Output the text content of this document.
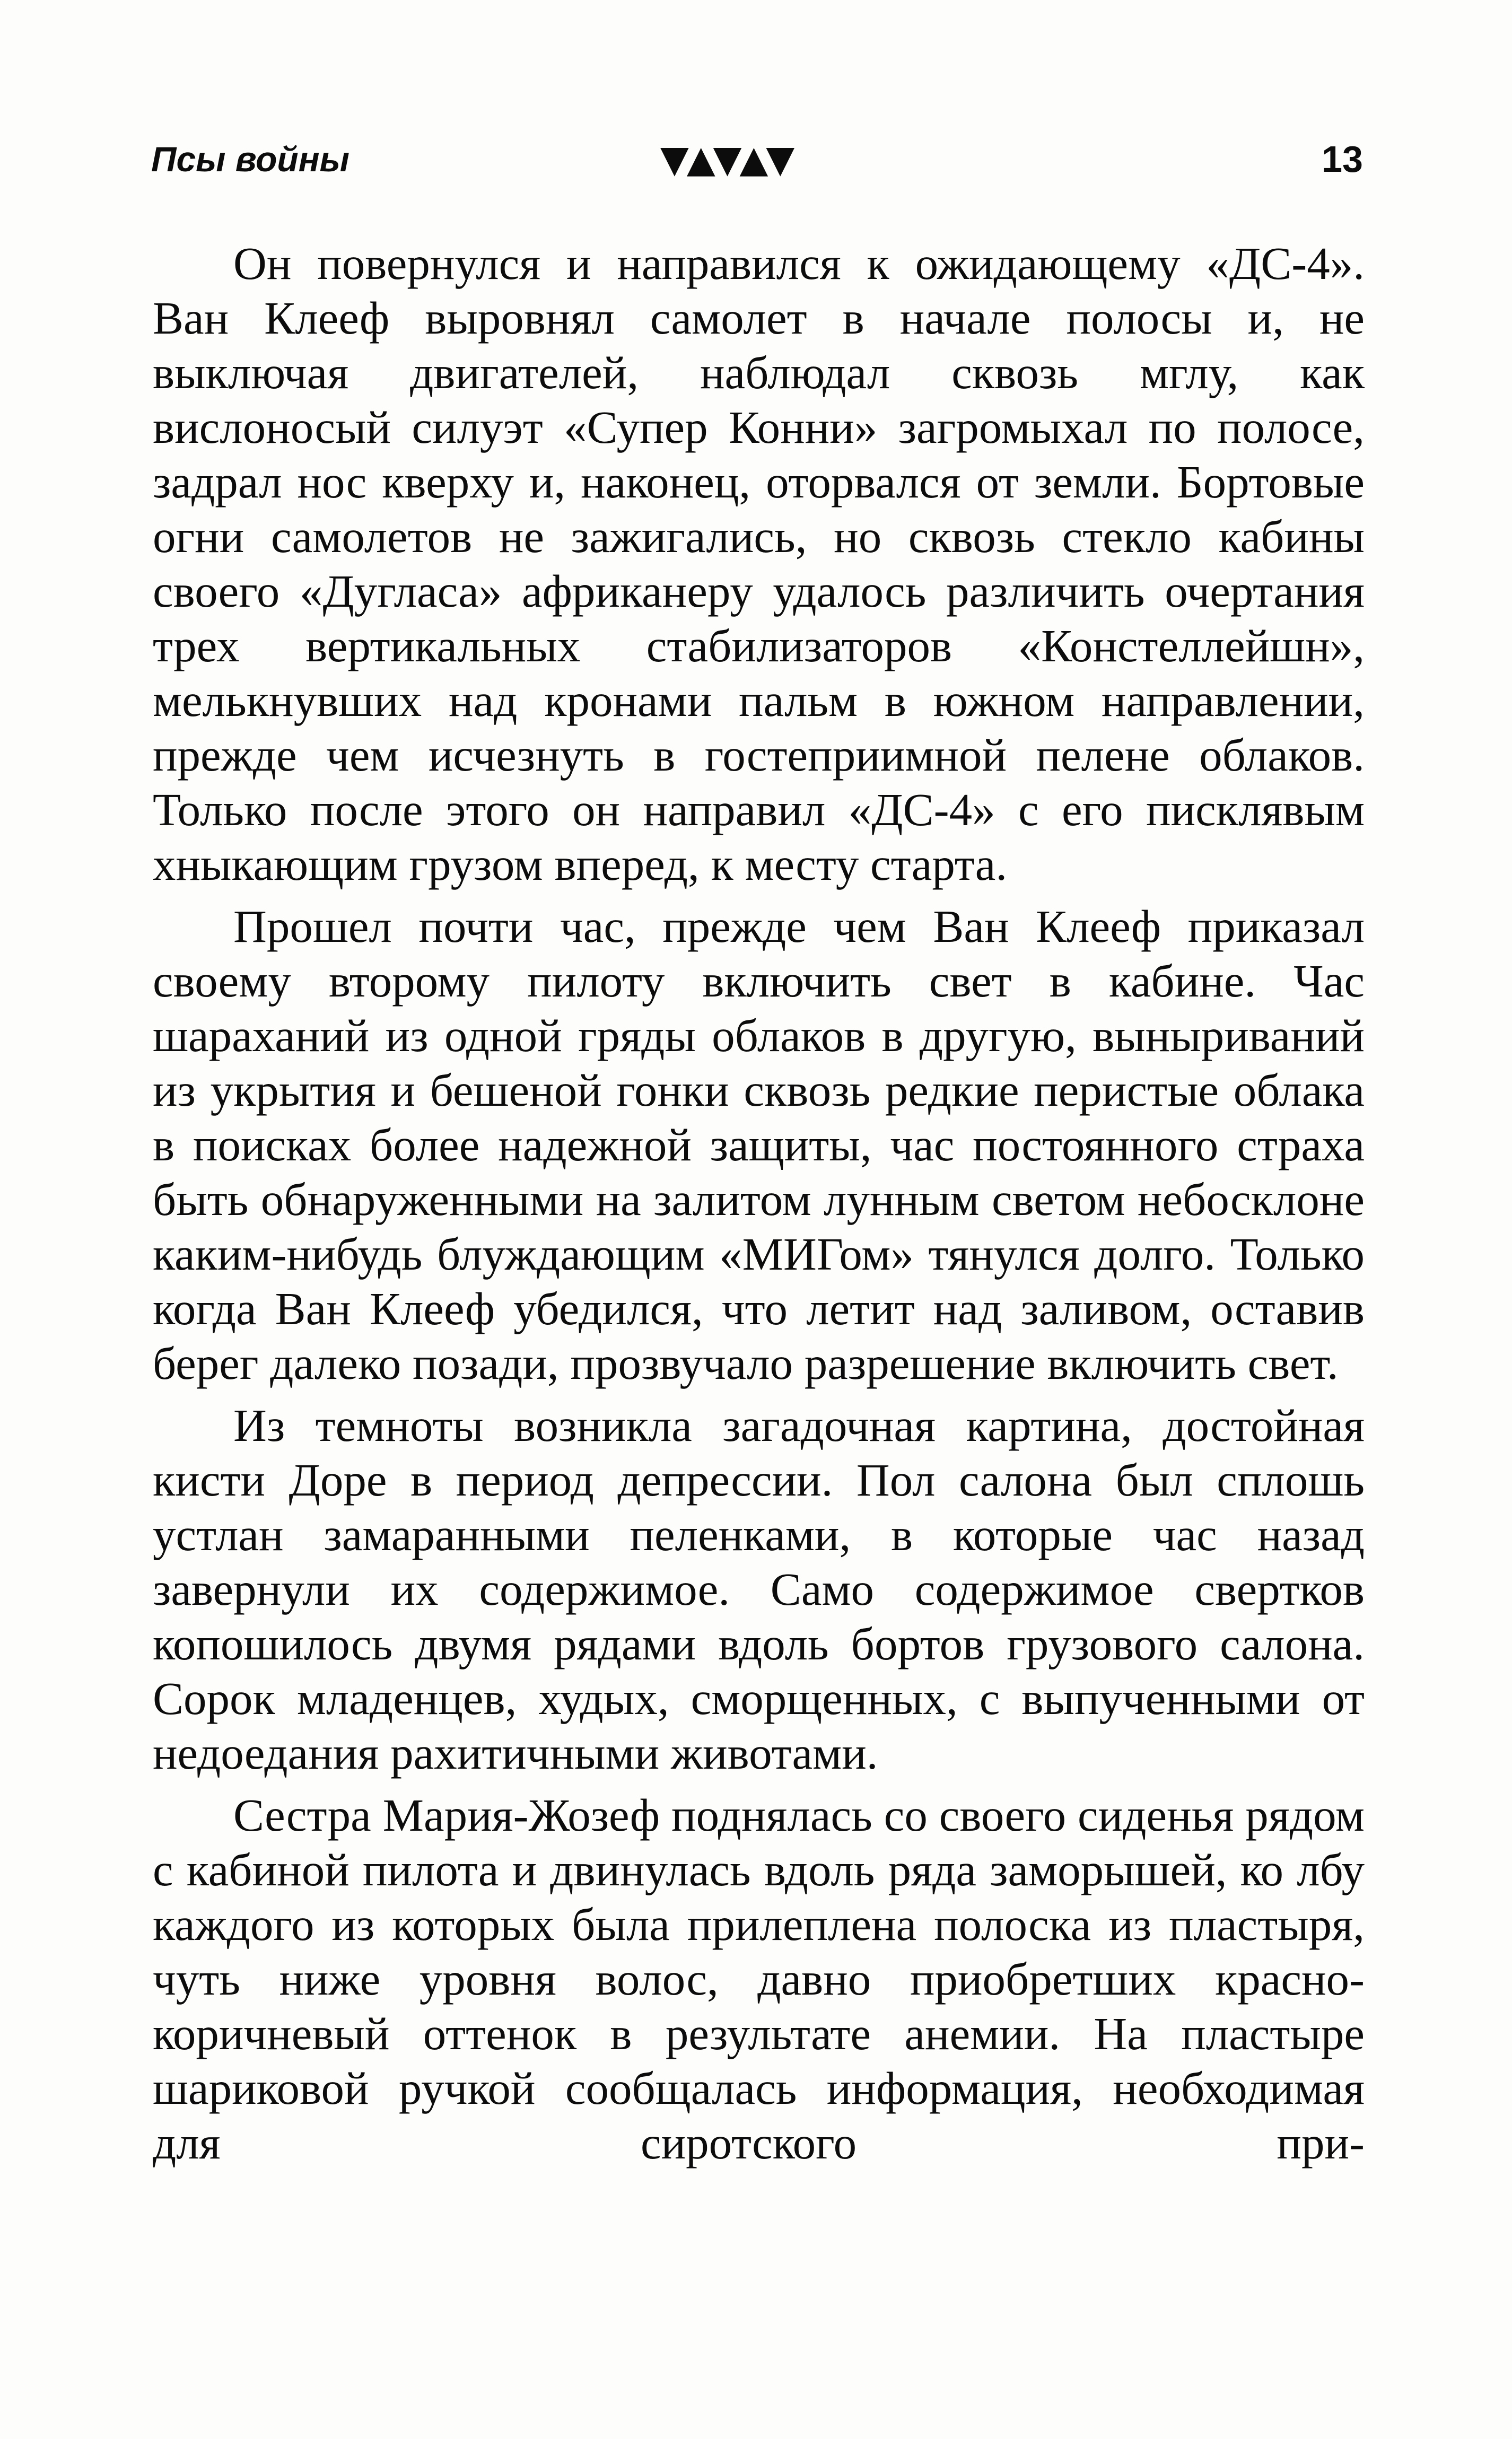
Псы войны	▼▲▼▲▼	13

Он повернулся и направился к ожидающему «ДС-4». Ван Клееф выровнял самолет в начале полосы и, не выключая двигателей, наблюдал сквозь мглу, как вислоносый силуэт «Супер Конни» загромыхал по полосе, задрал нос кверху и, наконец, оторвался от земли. Бортовые огни самолетов не зажигались, но сквозь стекло кабины своего «Дугласа» африканеру удалось различить очертания трех вертикальных стабилизаторов «Констеллейшн», мелькнувших над кронами пальм в южном направлении, прежде чем исчезнуть в гостеприимной пелене облаков. Только после этого он направил «ДС-4» с его писклявым хныкающим грузом вперед, к месту старта.

Прошел почти час, прежде чем Ван Клееф приказал своему второму пилоту включить свет в кабине. Час шараханий из одной гряды облаков в другую, выныриваний из укрытия и бешеной гонки сквозь редкие перистые облака в поисках более надежной защиты, час постоянного страха быть обнаруженными на залитом лунным светом небосклоне каким-нибудь блуждающим «МИГом» тянулся долго. Только когда Ван Клееф убедился, что летит над заливом, оставив берег далеко позади, прозвучало разрешение включить свет.

Из темноты возникла загадочная картина, достойная кисти Доре в период депрессии. Пол салона был сплошь устлан замаранными пеленками, в которые час назад завернули их содержимое. Само содержимое свертков копошилось двумя рядами вдоль бортов грузового салона. Сорок младенцев, худых, сморщенных, с выпученными от недоедания рахитичными животами.

Сестра Мария-Жозеф поднялась со своего сиденья рядом с кабиной пилота и двинулась вдоль ряда заморышей, ко лбу каждого из которых была прилеплена полоска из пластыря, чуть ниже уровня волос, давно приобретших красно-коричневый оттенок в результате анемии. На пластыре шариковой ручкой сообщалась информация, необходимая для сиротского при-
